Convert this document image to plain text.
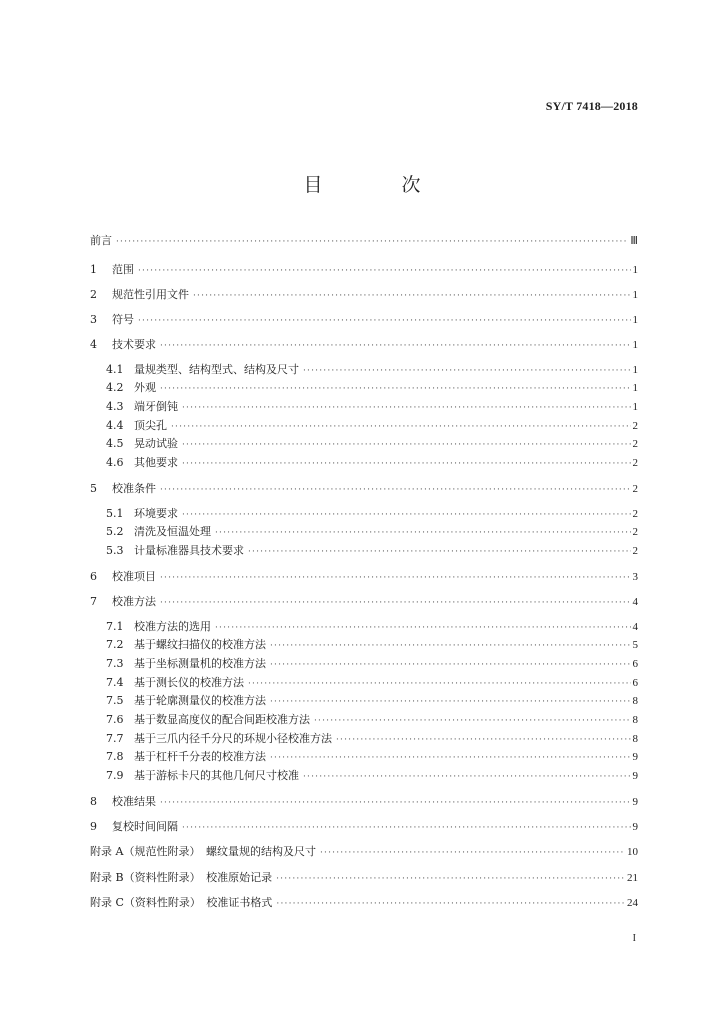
SY/T 7418—2018
目　次
前言 ·····	Ⅲ
1	范围 ·····	1
2	规范性引用文件 ·····	1
3	符号 ·····	1
4	技术要求 ·····	1
4.1 量规类型、结构型式、结构及尺寸 ·····	1
4.2 外观 ·····	1
4.3 端牙倒钝 ·····	1
4.4 顶尖孔 ·····	2
4.5 晃动试验 ·····	2
4.6 其他要求 ·····	2
5	校准条件 ·····	2
5.1 环境要求 ·····	2
5.2 清洗及恒温处理 ·····	2
5.3 计量标准器具技术要求 ·····	2
6	校准项目 ·····	3
7	校准方法 ·····	4
7.1 校准方法的选用 ·····	4
7.2 基于螺纹扫描仪的校准方法 ·····	5
7.3 基于坐标测量机的校准方法 ·····	6
7.4 基于测长仪的校准方法 ·····	6
7.5 基于轮廓测量仪的校准方法 ·····	8
7.6 基于数显高度仪的配合间距校准方法 ·····	8
7.7 基于三爪内径千分尺的环规小径校准方法 ·····	8
7.8 基于杠杆千分表的校准方法 ·····	9
7.9 基于游标卡尺的其他几何尺寸校准 ·····	9
8	校准结果 ·····	9
9	复校时间间隔 ·····	9
附录 A（规范性附录）　螺纹量规的结构及尺寸 ·····	10
附录 B（资料性附录）　校准原始记录 ·····	21
附录 C（资料性附录）　校准证书格式 ·····	24
I
